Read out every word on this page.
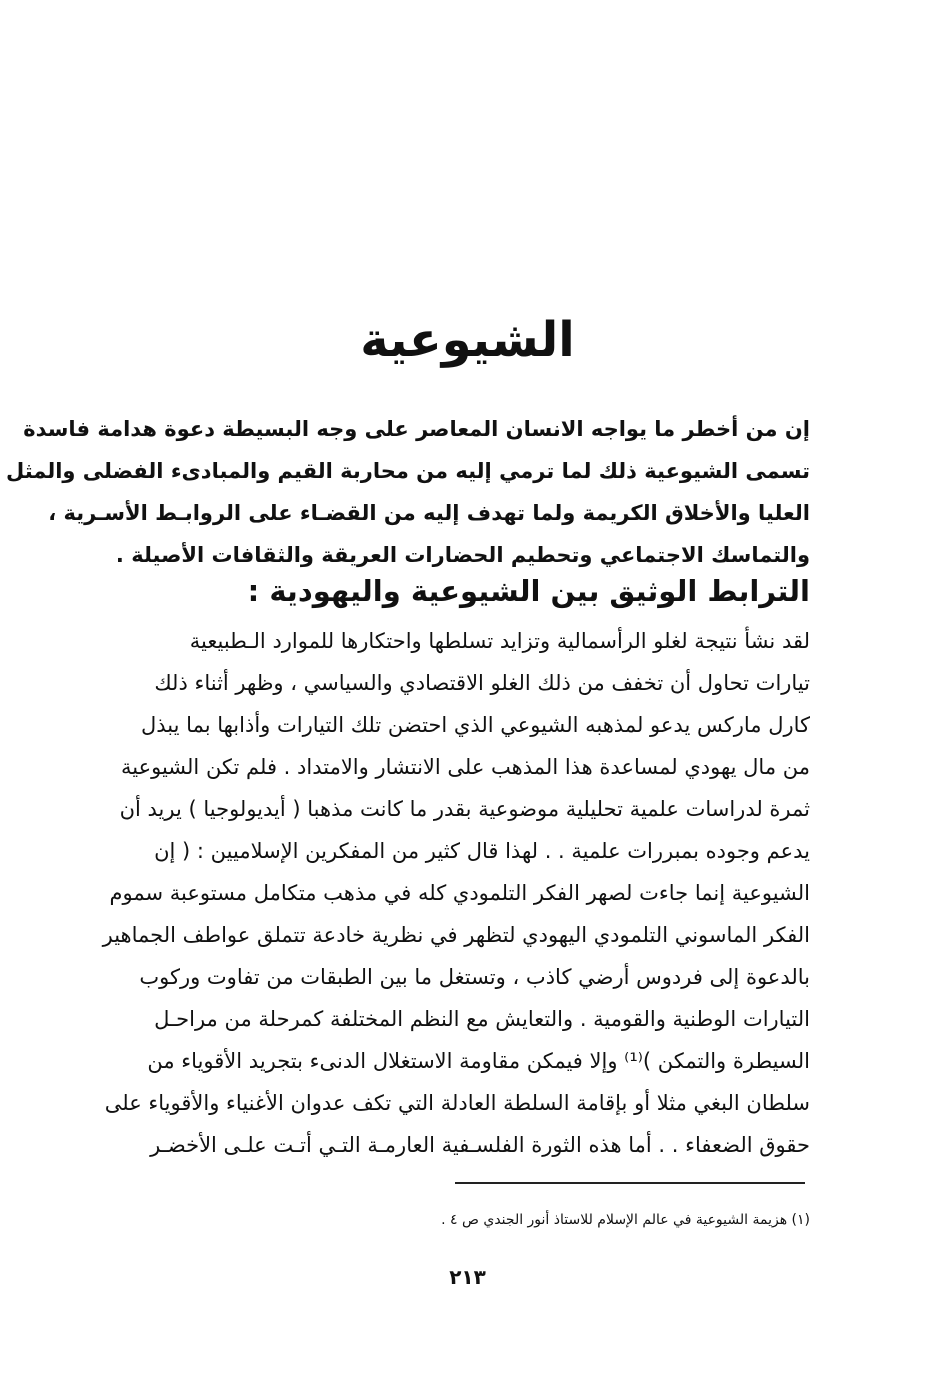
الشيوعية
إن من أخطر ما يواجه الانسان المعاصر على وجه البسيطة دعوة هدامة فاسدة
تسمى الشيوعية ذلك لما ترمي إليه من محاربة القيم والمبادىء الفضلى والمثل
العليا والأخلاق الكريمة ولما تهدف إليه من القضـاء على الروابـط الأسـرية ،
والتماسك الاجتماعي وتحطيم الحضارات العريقة والثقافات الأصيلة .
الترابط الوثيق بين الشيوعية واليهودية :
لقد نشأ نتيجة لغلو الرأسمالية وتزايد تسلطها واحتكارها للموارد الـطبيعية
تيارات تحاول أن تخفف من ذلك الغلو الاقتصادي والسياسي ، وظهر أثناء ذلك
كارل ماركس يدعو لمذهبه الشيوعي الذي احتضن تلك التيارات وأذابها بما يبذل
من مال يهودي لمساعدة هذا المذهب على الانتشار والامتداد . فلم تكن الشيوعية
ثمرة لدراسات علمية تحليلية موضوعية بقدر ما كانت مذهبا ( أيديولوجيا ) يريد أن
يدعم وجوده بمبررات علمية . . لهذا قال كثير من المفكرين الإسلاميين : ( إن
الشيوعية إنما جاءت لصهر الفكر التلمودي كله في مذهب متكامل مستوعبة سموم
الفكر الماسوني التلمودي اليهودي لتظهر في نظرية خادعة تتملق عواطف الجماهير
بالدعوة إلى فردوس أرضي كاذب ، وتستغل ما بين الطبقات من تفاوت وركوب
التيارات الوطنية والقومية . والتعايش مع النظم المختلفة كمرحلة من مراحـل
السيطرة والتمكن )⁽¹⁾ وإلا فيمكن مقاومة الاستغلال الدنىء بتجريد الأقوياء من
سلطان البغي مثلا أو بإقامة السلطة العادلة التي تكف عدوان الأغنياء والأقوياء على
حقوق الضعفاء . . أما هذه الثورة الفلسـفية العارمـة التـي أتـت علـى الأخضـر
(١) هزيمة الشيوعية في عالم الإسلام للاستاذ أنور الجندي ص ٤ .
٢١٣
